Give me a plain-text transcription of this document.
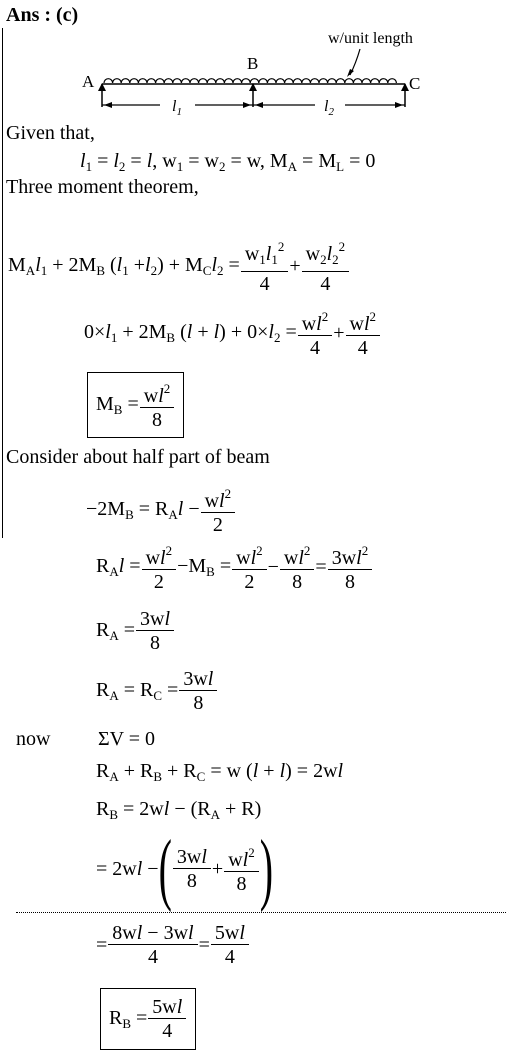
Ans : (c)
w/unit length
A
B
C
$l_1$	$l_2$
Given that,
$l_1 = l_2 = l$, $w_1 = w_2 = w$, $M_A = M_L = 0$
Three moment theorem,
$M_Al_1 + 2M_B$ $(l_1 +l_2) + M_Cl_2 = \frac{w_1l_1^2}{4} + \frac{w_2l_2^2}{4}$
$0\times l_1 + 2M_B$ $(l + l) + 0\times l_2 = \frac{wl^2}{4} + \frac{wl^2}{4}$
$M_B = \frac{wl^2}{8}$
Consider about half part of beam
$-2M_B = R_Al - \frac{wl^2}{2}$
$R_Al = \frac{wl^2}{2} -M_B = \frac{wl^2}{2} - \frac{wl^2}{8} = \frac{3wl^2}{8}$
$R_A = \frac{3wl}{8}$
$R_A = R_C = \frac{3wl}{8}$
now ΣV = 0
$R_A + R_B + R_C = w$ (l + l) = 2wl
$R_B = 2wl - (R_A + R)$
= 2wl − ( $\frac{3wl}{8} + \frac{wl^2}{8}$ )
= $\frac{8wl - 3wl}{4} = \frac{5wl}{4}$
$R_B = \frac{5wl}{4}$
